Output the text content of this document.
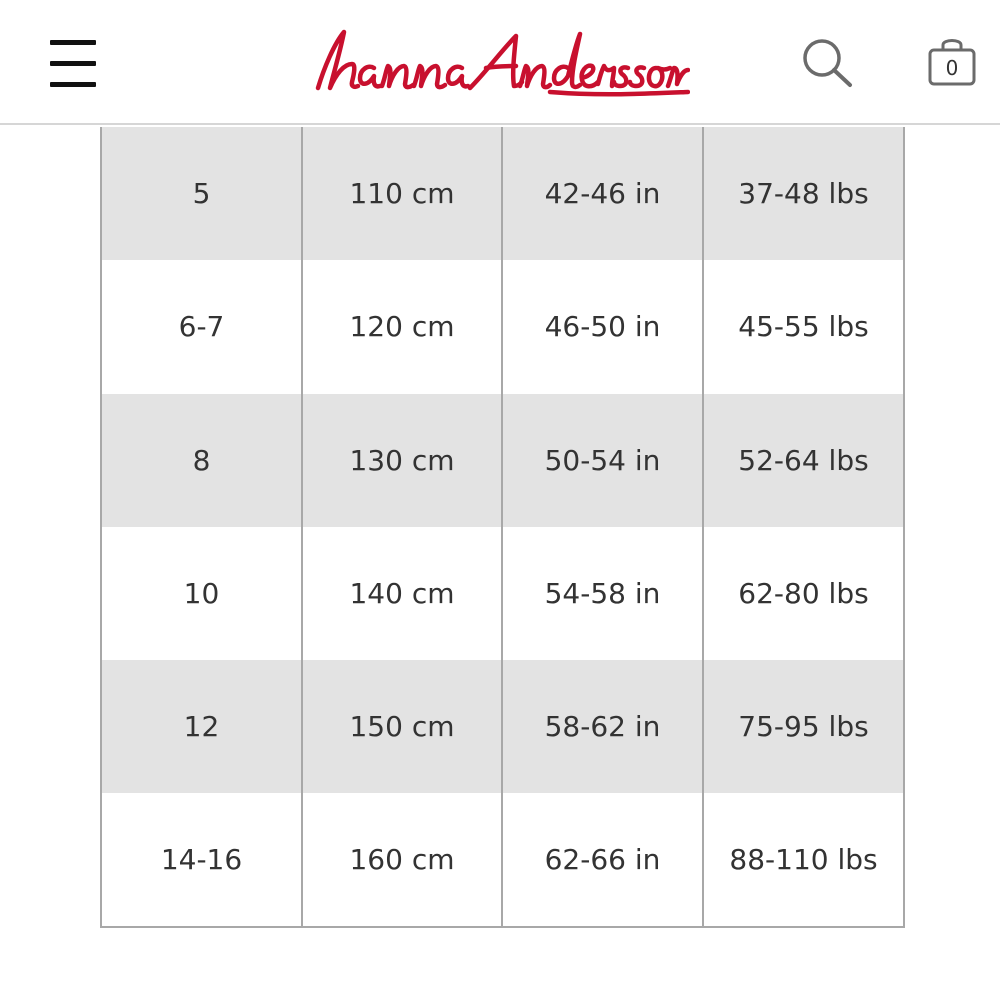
0
5	110 cm	42-46 in	37-48 lbs
6-7	120 cm	46-50 in	45-55 lbs
8	130 cm	50-54 in	52-64 lbs
10	140 cm	54-58 in	62-80 lbs
12	150 cm	58-62 in	75-95 lbs
14-16	160 cm	62-66 in	88-110 lbs
